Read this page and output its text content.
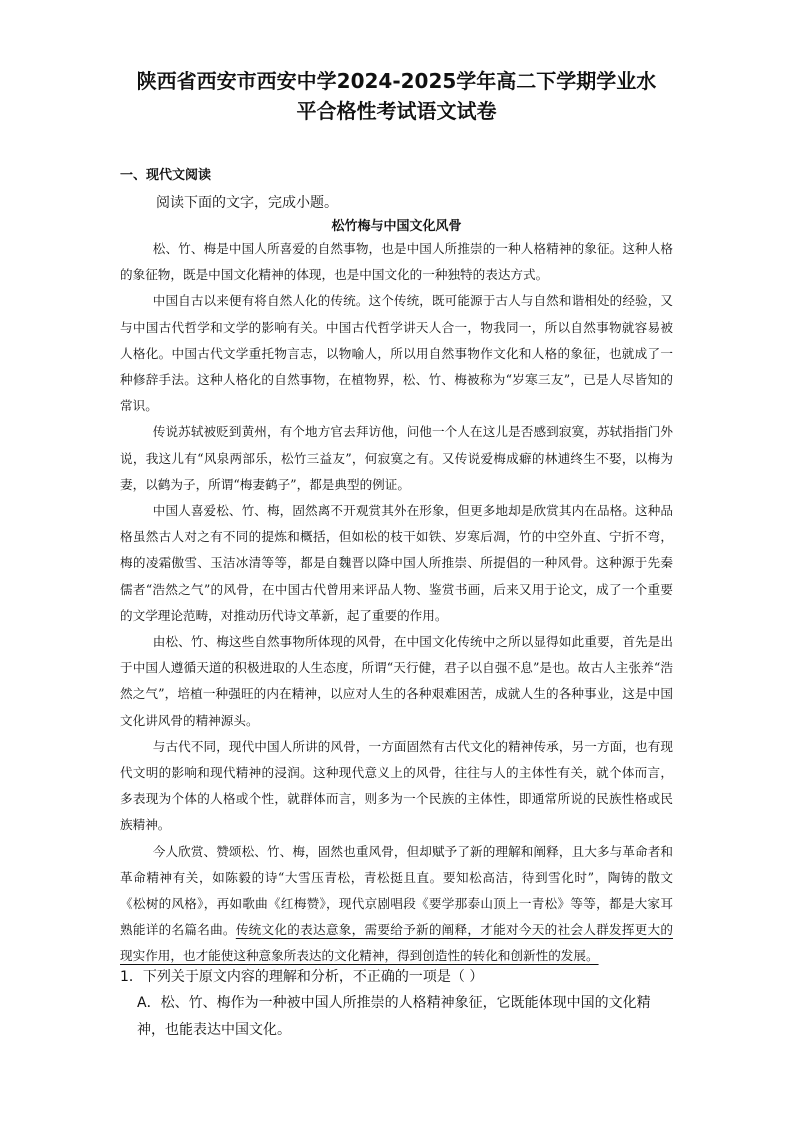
陕西省西安市西安中学2024-2025学年高二下学期学业水
平合格性考试语文试卷
一、现代文阅读
阅读下面的文字，完成小题。
松竹梅与中国文化风骨

松、竹、梅是中国人所喜爱的自然事物，也是中国人所推崇的一种人格精神的象征。这种人格的象征物，既是中国文化精神的体现，也是中国文化的一种独特的表达方式。

中国自古以来便有将自然人化的传统。这个传统，既可能源于古人与自然和谐相处的经验，又与中国古代哲学和文学的影响有关。中国古代哲学讲天人合一，物我同一，所以自然事物就容易被人格化。中国古代文学重托物言志，以物喻人，所以用自然事物作文化和人格的象征，也就成了一种修辞手法。这种人格化的自然事物，在植物界，松、竹、梅被称为“岁寒三友”，已是人尽皆知的常识。

传说苏轼被贬到黄州，有个地方官去拜访他，问他一个人在这儿是否感到寂寞，苏轼指指门外说，我这儿有“风泉两部乐，松竹三益友”，何寂寞之有。又传说爱梅成癖的林逋终生不娶，以梅为妻，以鹤为子，所谓“梅妻鹤子”，都是典型的例证。

中国人喜爱松、竹、梅，固然离不开观赏其外在形象，但更多地却是欣赏其内在品格。这种品格虽然古人对之有不同的提炼和概括，但如松的枝干如铁、岁寒后凋，竹的中空外直、宁折不弯，梅的凌霜傲雪、玉洁冰清等等，都是自魏晋以降中国人所推崇、所提倡的一种风骨。这种源于先秦儒者“浩然之气”的风骨，在中国古代曾用来评品人物、鉴赏书画，后来又用于论文，成了一个重要的文学理论范畴，对推动历代诗文革新，起了重要的作用。

由松、竹、梅这些自然事物所体现的风骨，在中国文化传统中之所以显得如此重要，首先是出于中国人遵循天道的积极进取的人生态度，所谓“天行健，君子以自强不息”是也。故古人主张养“浩然之气”，培植一种强旺的内在精神，以应对人生的各种艰难困苦，成就人生的各种事业，这是中国文化讲风骨的精神源头。

与古代不同，现代中国人所讲的风骨，一方面固然有古代文化的精神传承，另一方面，也有现代文明的影响和现代精神的浸润。这种现代意义上的风骨，往往与人的主体性有关，就个体而言，多表现为个体的人格或个性，就群体而言，则多为一个民族的主体性，即通常所说的民族性格或民族精神。

今人欣赏、赞颂松、竹、梅，固然也重风骨，但却赋予了新的理解和阐释，且大多与革命者和革命精神有关，如陈毅的诗“大雪压青松，青松挺且直。要知松高洁，待到雪化时”，陶铸的散文《松树的风格》，再如歌曲《红梅赞》，现代京剧唱段《要学那泰山顶上一青松》等等，都是大家耳熟能详的名篇名曲。传统文化的表达意象，需要给予新的阐释，才能对今天的社会人群发挥更大的现实作用，也才能使这种意象所表达的文化精神，得到创造性的转化和创新性的发展。

1．下列关于原文内容的理解和分析，不正确的一项是（ ）
A．松、竹、梅作为一种被中国人所推崇的人格精神象征，它既能体现中国的文化精神，也能表达中国文化。
